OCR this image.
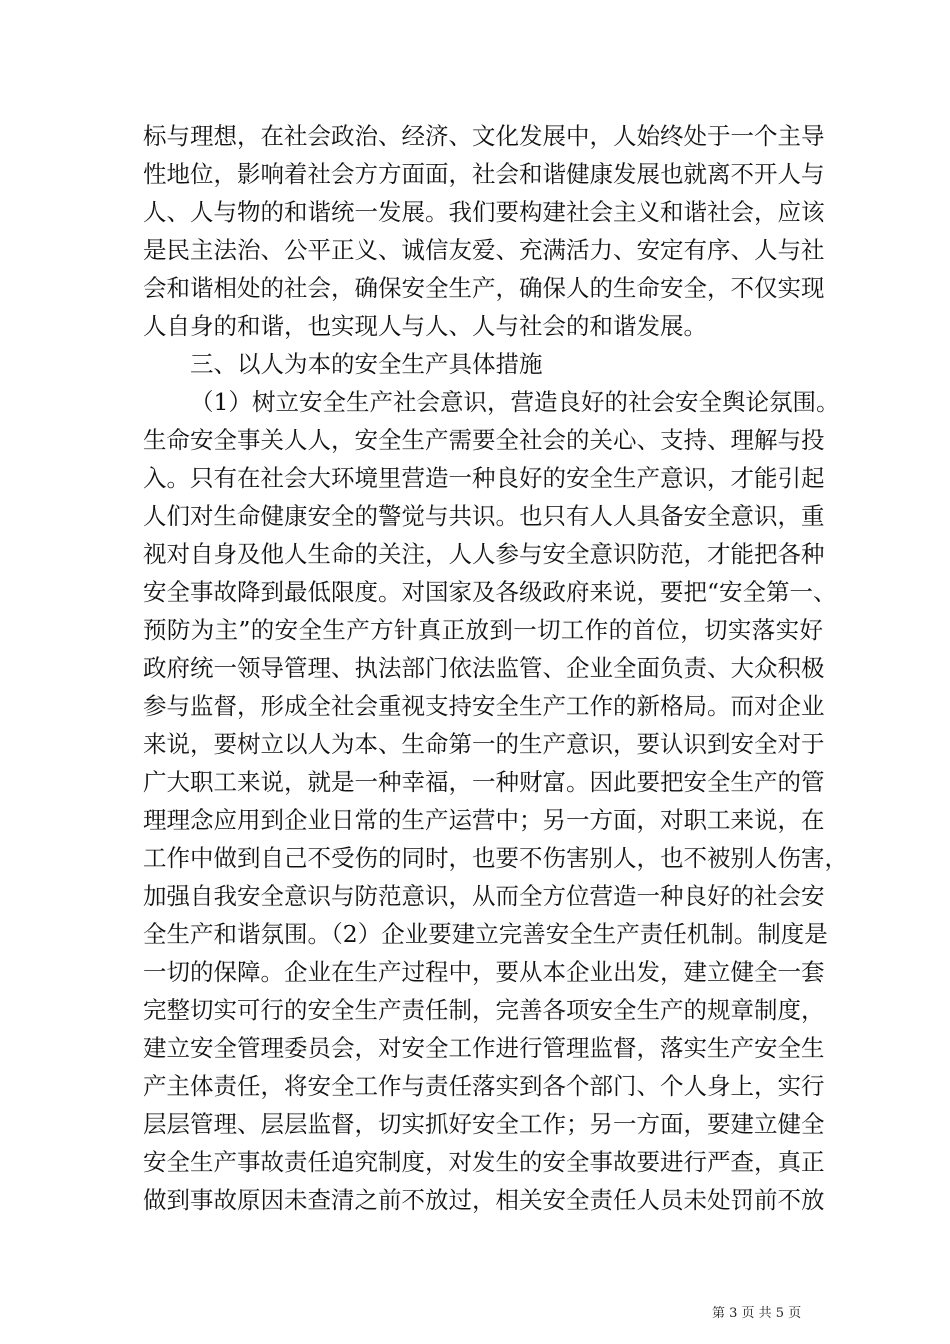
标与理想，在社会政治、经济、文化发展中，人始终处于一个主导
性地位，影响着社会方方面面，社会和谐健康发展也就离不开人与
人、人与物的和谐统一发展。我们要构建社会主义和谐社会，应该
是民主法治、公平正义、诚信友爱、充满活力、安定有序、人与社
会和谐相处的社会，确保安全生产，确保人的生命安全，不仅实现
人自身的和谐，也实现人与人、人与社会的和谐发展。
三、以人为本的安全生产具体措施
（1）树立安全生产社会意识，营造良好的社会安全舆论氛围。
生命安全事关人人，安全生产需要全社会的关心、支持、理解与投
入。只有在社会大环境里营造一种良好的安全生产意识，才能引起
人们对生命健康安全的警觉与共识。也只有人人具备安全意识，重
视对自身及他人生命的关注，人人参与安全意识防范，才能把各种
安全事故降到最低限度。对国家及各级政府来说，要把“安全第一、
预防为主”的安全生产方针真正放到一切工作的首位，切实落实好
政府统一领导管理、执法部门依法监管、企业全面负责、大众积极
参与监督，形成全社会重视支持安全生产工作的新格局。而对企业
来说，要树立以人为本、生命第一的生产意识，要认识到安全对于
广大职工来说，就是一种幸福，一种财富。因此要把安全生产的管
理理念应用到企业日常的生产运营中；另一方面，对职工来说，在
工作中做到自己不受伤的同时，也要不伤害别人，也不被别人伤害，
加强自我安全意识与防范意识，从而全方位营造一种良好的社会安
全生产和谐氛围。（2）企业要建立完善安全生产责任机制。制度是
一切的保障。企业在生产过程中，要从本企业出发，建立健全一套
完整切实可行的安全生产责任制，完善各项安全生产的规章制度，
建立安全管理委员会，对安全工作进行管理监督，落实生产安全生
产主体责任，将安全工作与责任落实到各个部门、个人身上，实行
层层管理、层层监督，切实抓好安全工作；另一方面，要建立健全
安全生产事故责任追究制度，对发生的安全事故要进行严查，真正
做到事故原因未查清之前不放过，相关安全责任人员未处罚前不放
第 3 页 共 5 页
